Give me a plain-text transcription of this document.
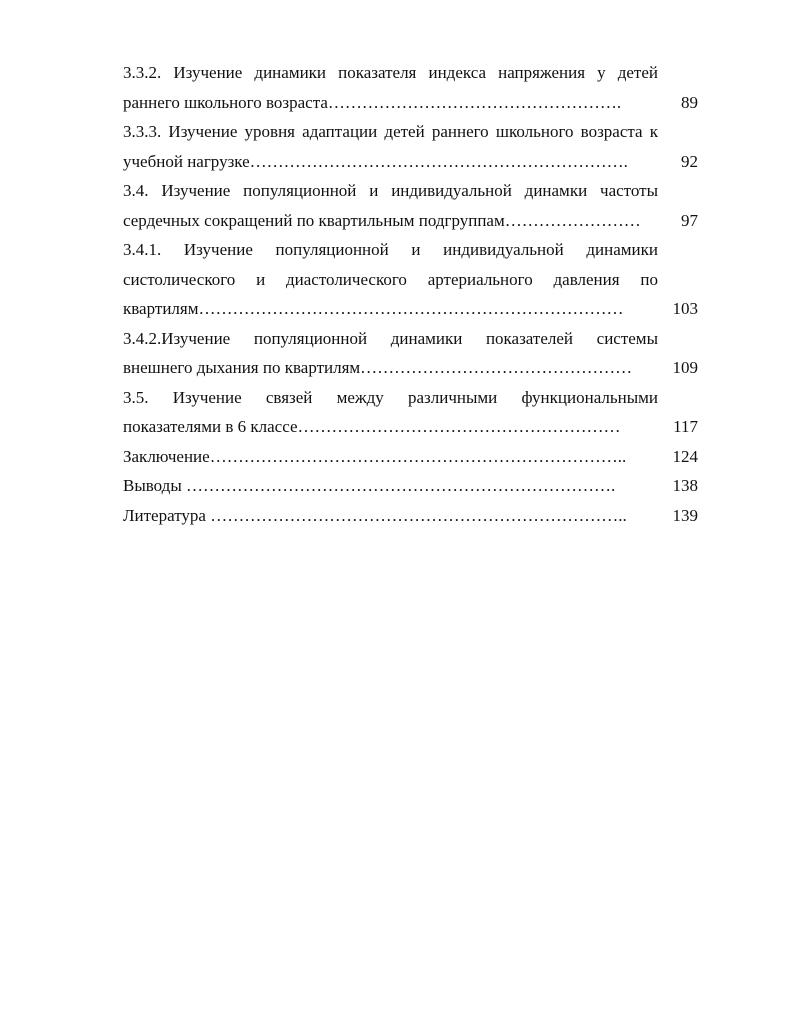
3.3.2. Изучение динамики показателя индекса напряжения у детей
раннего школьного возраста…………………………………………….	89
3.3.3. Изучение уровня адаптации детей раннего школьного возраста к
учебной нагрузке………………………………………………………….	92
3.4. Изучение популяционной и индивидуальной динамки частоты
сердечных сокращений по квартильным подгруппам……………………	97
3.4.1. Изучение популяционной и индивидуальной динамики
систолического и диастолического артериального давления по
квартилям…………………………………………………………………	103
3.4.2.Изучение популяционной динамики показателей системы
внешнего дыхания по квартилям…………………………………………	109
3.5. Изучение связей между различными функциональными
показателями в 6 классе…………………………………………………	117
Заключение………………………………………………………………..	124
Выводы ………………………………………………………………….	138
Литература ………………………………………………………………..	139
